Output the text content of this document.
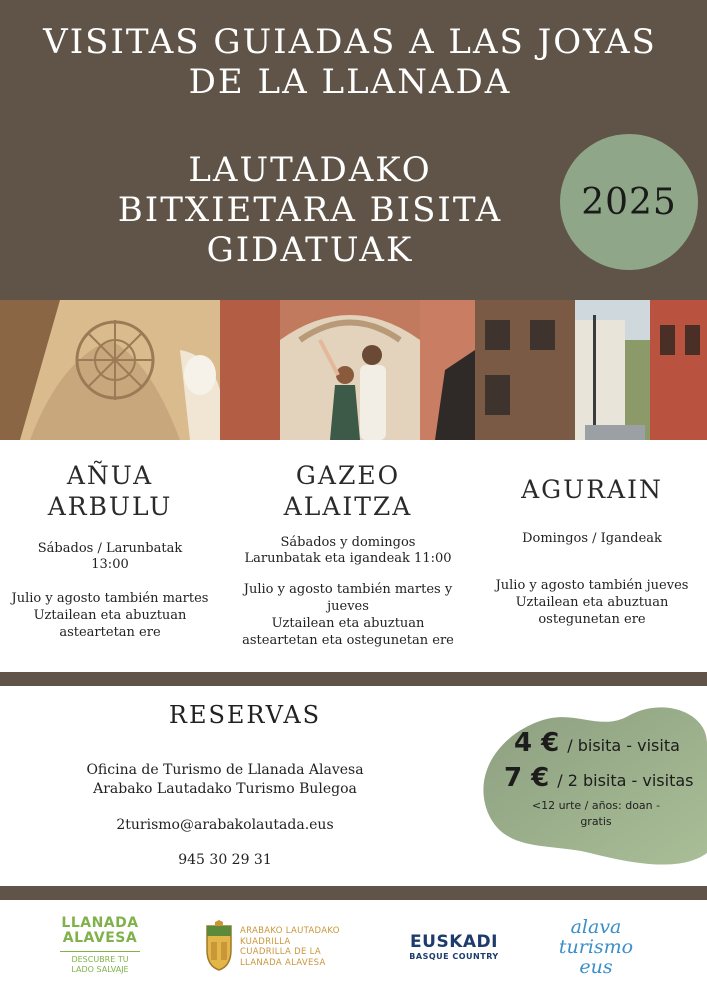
VISITAS GUIADAS A LAS JOYAS DE LA LLANADA
LAUTADAKO BITXIETARA BISITA GIDATUAK
2025
AÑUA
ARBULU
Sábados / Larunbatak
13:00
Julio y agosto también martes
Uztailean eta abuztuan
asteartetan ere
GAZEO
ALAITZA
Sábados y domingos
Larunbatak eta igandeak 11:00
Julio y agosto también martes y
jueves
Uztailean eta abuztuan
asteartetan eta ostegunetan ere
AGURAIN
Domingos / Igandeak
Julio y agosto también jueves
Uztailean eta abuztuan
ostegunetan ere
RESERVAS
Oficina de Turismo de Llanada Alavesa
Arabako Lautadako Turismo Bulegoa
2turismo@arabakolautada.eus
945 30 29 31
4 € / bisita - visita
7 € / 2 bisita - visitas
<12 urte / años: doan -
gratis
LLANADA
ALAVESA
DESCUBRE TU
LADO SALVAJE
ARABAKO LAUTADAKO
KUADRILLA
CUADRILLA DE LA
LLANADA ALAVESA
EUSKADI
BASQUE COUNTRY
alava
turismo
eus
